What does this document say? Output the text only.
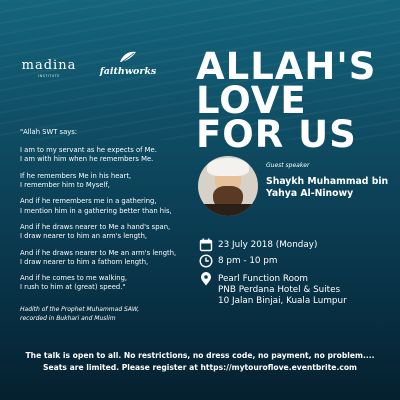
madina
INSTITUTE	faithworks ALLAH'S
LOVE
FOR US
"Allah SWT says:
I am to my servant as he expects of Me.
I am with him when he remembers Me.
If he remembers Me in his heart,
I remember him to Myself,
And if he remembers me in a gathering,
I mention him in a gathering better than his,
And if he draws nearer to Me a hand's span,
I draw nearer to him an arm's length,
And if he draws nearer to Me an arm's length,
I draw nearer to him a fathom length,
And if he comes to me walking,
I rush to him at (great) speed."
Hadith of the Prophet Muhammad SAW,
recorded in Bukhari and Muslim
Guest speaker
Shaykh Muhammad bin
Yahya Al-Ninowy
23 July 2018 (Monday)
8 pm - 10 pm
Pearl Function Room
PNB Perdana Hotel & Suites
10 Jalan Binjai, Kuala Lumpur
The talk is open to all. No restrictions, no dress code, no payment, no problem....
Seats are limited. Please register at https://mytouroflove.eventbrite.com
